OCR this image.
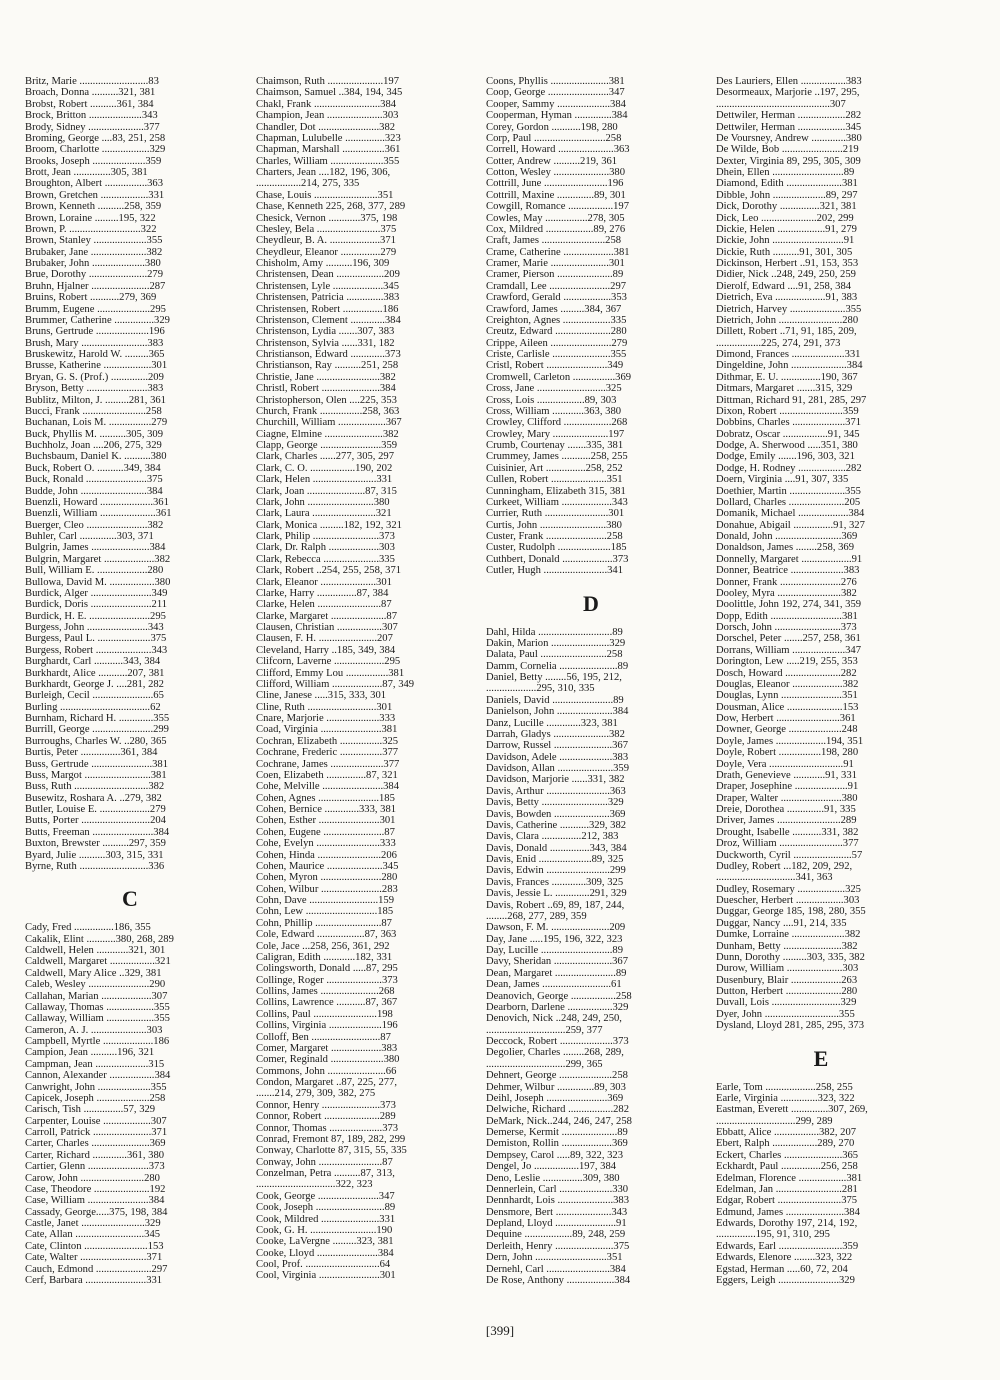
Britz, Marie ..........................83
Broach, Donna ..........321, 381
Brobst, Robert ..........361, 384
Brock, Britton ....................343
Brody, Sidney .....................377
Broming, George ....83, 251, 258
Broom, Charlotte ..................329
Brooks, Joseph ....................359
Brott, Jean ..............305, 381
Broughton, Albert ................363
Brown, Gretchen ..................331
Brown, Kenneth ..........258, 359
Brown, Loraine .........195, 322
Brown, P. ...........................322
Brown, Stanley ....................355
Brubaker, Jane .....................382
Brubaker, John ....................380
Brue, Dorothy ......................279
Bruhn, Hjalner ......................287
Bruins, Robert ...........279, 369
Brumm, Eugene ....................295
Brummer, Catherine ...............329
Bruns, Gertrude ....................196
Brush, Mary .........................383
Bruskewitz, Harold W. .........365
Brusse, Katherine ..................301
Bryan, G. S. (Prof.) ..............209
Bryson, Betty .......................383
Bublitz, Milton, J. .........281, 361
Bucci, Frank ........................258
Buchanan, Lois M. ................279
Buck, Phyllis M. ..........305, 309
Buchholz, Joan ....206, 275, 329
Buchsbaum, Daniel K. ..........380
Buck, Robert O. ..........349, 384
Buck, Ronald .......................375
Budde, John .........................384
Buenzli, Howard ....................361
Buenzli, William .....................361
Buerger, Cleo .......................382
Buhler, Carl ..............303, 371
Bulgrin, James ......................384
Bulgrin, Margaret ...................382
Bull, William E. ...................280
Bullowa, David M. .................380
Burdick, Alger .......................349
Burdick, Doris .......................211
Burdick, H. E. .......................295
Burgess, John .......................343
Burgess, Paul L. ....................375
Burgess, Robert .....................343
Burghardt, Carl ...........343, 384
Burkhardt, Alice ...........207, 381
Burkhardt, George J. ....281, 282
Burleigh, Cecil .......................65
Burling ..................................62
Burnham, Richard H. .............355
Burrill, George .......................299
Burroughs, Charles W. ..280, 365
Burtis, Peter ...............361, 384
Buss, Gertrude .......................381
Buss, Margot .........................381
Buss, Ruth ............................382
Busewitz, Roshara A. ..279, 382
Butler, Louise E. ...................279
Butts, Porter ..........................204
Butts, Freeman .......................384
Buxton, Brewster ..........297, 359
Byard, Julie ..........303, 315, 331
Byrne, Ruth ..........................336
C
Cady, Fred ...............186, 355
Cakalik, Elint ...........380, 268, 289
Caldwell, Helen ............321, 301
Caldwell, Margaret .................321
Caldwell, Mary Alice ..329, 381
Caleb, Wesley .......................290
Callahan, Marian ...................307
Callaway, Thomas ..................355
Callaway, William ..................355
Cameron, A. J. .....................303
Campbell, Myrtle ...................186
Campion, Jean ..........196, 321
Campman, Jean ....................315
Cannon, Alexander .................384
Canwright, John ....................355
Capicek, Joseph ....................258
Carisch, Tish ...............57, 329
Carpenter, Louise ..................307
Carroll, Patrick ......................371
Carter, Charles ......................369
Carter, Richard .............361, 380
Cartier, Glenn .......................373
Carow, John ........................280
Case, Theodore .....................192
Case, William .......................384
Cassady, George.....375, 198, 384
Castle, Janet ........................329
Cate, Allan ..........................345
Cate, Clinton ........................153
Cate, Walter .........................371
Cauch, Edmond .....................297
Cerf, Barbara .......................331
Chaimson, Ruth .....................197
Chaimson, Samuel ..384, 194, 345
Chakl, Frank .........................384
Champion, Jean .....................303
Chandler, Dot .......................382
Chapman, Lulubelle ...............323
Chapman, Marshall ................361
Charles, William ....................355
Charters, Jean ....182, 196, 306,
.................214, 275, 335
Chase, Louis ........................351
Chase, Kenneth 225, 268, 377, 289
Chesick, Vernon ............375, 198
Chesley, Bela ........................375
Cheydleur, B. A. ...................371
Cheydleur, Eleanor ...............279
Chisholm, Amy ..........196, 309
Christensen, Dean ..................209
Christensen, Lyle ...................345
Christensen, Patricia ..............383
Christensen, Robert ...............186
Christenson, Clement .............384
Christenson, Lydia .......307, 383
Christenson, Sylvia ......331, 182
Christianson, Edward .............373
Christianson, Ray ..........251, 258
Christie, Jane ........................382
Christl, Robert ......................384
Christopherson, Olen ....225, 353
Church, Frank ................258, 363
Churchill, William ..................367
Ciagne, Elmine ......................382
Clapp, George .......................359
Clark, Charles ......277, 305, 297
Clark, C. O. .................190, 202
Clark, Helen ........................331
Clark, Joan ......................87, 315
Clark, John .........................380
Clark, Laura ........................321
Clark, Monica .........182, 192, 321
Clark, Philip .........................373
Clark, Dr. Ralph ...................303
Clark, Rebecca .....................335
Clark, Robert ..254, 255, 258, 371
Clark, Eleanor .....................301
Clarke, Harry ...............87, 384
Clarke, Helen ........................87
Clarke, Margaret .....................87
Clausen, Christian .................307
Clausen, F. H. ......................207
Cleveland, Harry ..185, 349, 384
Clifcorn, Laverne ...................295
Clifford, Emmy Lou ................381
Clifford, William ...................87, 349
Cline, Janese .....315, 333, 301
Cline, Ruth ..........................301
Cnare, Marjorie ....................333
Coad, Virginia .......................381
Cochran, Elizabeth ................325
Cochrane, Frederic ................377
Cochrane, James ....................377
Coen, Elizabeth ...............87, 321
Cohe, Melville .......................384
Cohen, Agnes .......................185
Cohen, Bernice .............333, 381
Cohen, Esther .......................301
Cohen, Eugene .......................87
Cohe, Evelyn ........................333
Cohen, Hinda ........................206
Cohen, Maurice .....................345
Cohen, Myron .......................280
Cohen, Wilbur .......................283
Cohn, Dave ..........................159
Cohn, Lew ...........................185
Cohn, Phillip .........................87
Cole, Edward ..................87, 363
Cole, Jace ...258, 256, 361, 292
Caligran, Edith ............182, 331
Colingsworth, Donald .....87, 295
Collinge, Roger .....................373
Collins, James ......................268
Collins, Lawrence ...........87, 367
Collins, Paul ........................198
Collins, Virginia ....................196
Colloff, Ben ..........................87
Comer, Margaret ...................383
Comer, Reginald ....................380
Commons, John ......................66
Condon, Margaret ..87, 225, 277,
.......214, 279, 309, 382, 275
Connor, Henry ......................373
Connor, Robert .....................289
Connor, Thomas ....................373
Conrad, Fremont 87, 189, 282, 299
Conway, Charlotte 87, 315, 55, 335
Conway, John ........................87
Conzelman, Petra ..........87, 313,
..............................322, 323
Cook, George .......................347
Cook, Joseph ..........................89
Cook, Mildred ......................331
Cook, G. H. .........................190
Cooke, LaVergne .........323, 381
Cooke, Lloyd .......................384
Cool, Prof. ............................64
Cool, Virginia .......................301
Coons, Phyllis ......................381
Coop, George .......................347
Cooper, Sammy ....................384
Cooperman, Hyman ..............384
Corey, Gordon ...........198, 280
Corp, Paul ...........................258
Correll, Howard .....................363
Cotter, Andrew ..........219, 361
Cotton, Wesley .....................380
Cottrill, June ........................196
Cottrill, Maxine ..............89, 301
Cowgill, Romance .................197
Cowles, May ................278, 305
Cox, Mildred ..................89, 276
Craft, James ........................258
Crame, Catherine ...................381
Cramer, Marie ......................301
Cramer, Pierson .....................89
Cramdall, Lee .......................297
Crawford, Gerald ..................353
Crawford, James .........384, 367
Creighton, Agnes ..................335
Creutz, Edward .....................280
Crippe, Aileen .......................279
Criste, Carlisle ......................355
Cristl, Robert .......................349
Cromwell, Carleton ................369
Cross, Jane ..........................325
Cross, Lois ..................89, 303
Cross, William ............363, 380
Crowley, Clifford ..................268
Crowley, Mary .....................197
Crumb, Courtenay .......335, 381
Crummey, James ...........258, 255
Cuisinier, Art ...............258, 252
Cullen, Robert .....................351
Cunningham, Elizabeth 315, 381
Curkeet, William ...................343
Currier, Ruth ........................301
Curtis, John .........................380
Custer, Frank .......................258
Custer, Rudolph ....................185
Cuthbert, Donald ...................373
Cutler, Hugh ........................341
D
Dahl, Hilda ............................89
Dakin, Marion ......................329
Dalata, Paul .........................258
Damm, Cornelia ......................89
Daniel, Betty ........56, 195, 212,
...................295, 310, 335
Daniels, David .......................89
Danielson, John .....................384
Danz, Lucille .............323, 381
Darrah, Gladys .....................382
Darrow, Russel ......................367
Davidson, Adele ....................383
Davidson, Allan .....................359
Davidson, Marjorie ......331, 382
Davis, Arthur ........................363
Davis, Betty .........................329
Davis, Bowden .....................369
Davis, Catherine ...........329, 382
Davis, Clara ...............212, 383
Davis, Donald ...............343, 384
Davis, Enid ....................89, 325
Davis, Edwin ........................299
Davis, Frances .............309, 325
Davis, Jessie L. .............291, 329
Davis, Robert ..69, 89, 187, 244,
........268, 277, 289, 359
Dawson, F. M. ......................209
Day, Jane .....195, 196, 322, 323
Day, Lucille ...........................89
Davy, Sheridan ......................367
Dean, Margaret .......................89
Dean, James ..........................61
Deanovich, George .................258
Dearborn, Darlene .................329
Denovich, Nick ..248, 249, 250,
..............................259, 377
Deccock, Robert ....................373
Degolier, Charles ........268, 289,
..............................299, 365
Dehnert, George ....................258
Dehmer, Wilbur ..............89, 303
Deihl, Joseph .......................369
Delwiche, Richard .................282
DeMark, Nick..244, 246, 247, 258
Demerse, Kermit .....................89
Demiston, Rollin ...................369
Dempsey, Carol .....89, 322, 323
Dengel, Jo .................197, 384
Deno, Leslie ...............309, 380
Dennerlein, Carl ....................330
Dennhardt, Lois .....................383
Densmore, Bert .....................343
Depland, Lloyd .......................91
Dequine ..................89, 248, 259
Derleith, Henry ......................375
Dern, John ...........................351
Dernehl, Carl ........................384
De Rose, Anthony ..................384
Des Lauriers, Ellen .................383
Desormeaux, Marjorie ..197, 295,
...........................................307
Dettwiler, Herman ..................282
Dettwiler, Herman ..................345
De Voursney, Andrew .............380
De Wilde, Bob .......................219
Dexter, Virginia 89, 295, 305, 309
Dhein, Ellen ...........................89
Diamond, Edith .....................381
Dibble, John ....................89, 297
Dick, Dorothy ...............321, 381
Dick, Leo .....................202, 299
Dickie, Helen ..................91, 279
Dickie, John ...........................91
Dickie, Ruth ..........91, 301, 305
Dickinson, Herbert ..91, 153, 353
Didier, Nick ..248, 249, 250, 259
Dierolf, Edward ....91, 258, 384
Dietrich, Eva ...................91, 383
Dietrich, Harvey .....................355
Dietrich, John ........................280
Dillett, Robert ..71, 91, 185, 209,
.................225, 274, 291, 373
Dimond, Frances ....................331
Dingeldine, John .....................384
Dithmar, E. U. ...............190, 367
Ditmars, Margaret .......315, 329
Dittman, Richard 91, 281, 285, 297
Dixon, Robert ........................359
Dobbins, Charles ....................371
Dobratz, Oscar .................91, 345
Dodge, A. Sherwood .....351, 380
Dodge, Emily .......196, 303, 321
Dodge, H. Rodney ..................282
Doern, Virginia ....91, 307, 335
Doethier, Martin .....................355
Dollard, Charles .....................205
Domanik, Michael ...................384
Donahue, Abigail ...............91, 327
Donald, John .........................369
Donaldson, James ........258, 369
Donnelly, Margaret ...................91
Donner, Beatrice ....................383
Donner, Frank .......................276
Dooley, Myra ........................382
Doolittle, John 192, 274, 341, 359
Dopp, Edith ...........................381
Dorsch, John .........................373
Dorschel, Peter .......257, 258, 361
Dorrans, William ....................347
Dorington, Lew .....219, 255, 353
Dosch, Howard .....................282
Douglas, Eleanor ...................382
Douglas, Lynn .......................351
Dousman, Alice .....................153
Dow, Herbert ........................361
Downer, George ....................248
Doyle, James ...................194, 351
Doyle, Robert ................198, 280
Doyle, Vera ............................91
Drath, Genevieve ............91, 331
Draper, Josephine ....................91
Draper, Walter .......................380
Dreie, Dorothea ..............91, 335
Driver, James ........................289
Drought, Isabelle ...........331, 382
Droz, William ........................377
Duckworth, Cyril ......................57
Dudley, Robert ...182, 209, 292,
..............................341, 363
Dudley, Rosemary ..................325
Duescher, Herbert ..................303
Duggar, George 185, 198, 280, 355
Duggar, Nancy ....91, 214, 335
Dumke, Lorraine ....................382
Dunham, Betty ......................382
Dunn, Dorothy .........303, 335, 382
Durow, William .....................303
Dusenbury, Blair ...................263
Dutton, Herbert .....................280
Duvall, Lois ..........................329
Dyer, John ............................355
Dysland, Lloyd 281, 285, 295, 373
E
Earle, Tom ...................258, 255
Earle, Virginia ..............323, 322
Eastman, Everett ..............307, 269,
..............................299, 289
Ebbatt, Alice .................382, 207
Ebert, Ralph .................289, 270
Eckert, Charles ......................365
Eckhardt, Paul ...............256, 258
Edelman, Florence ..................381
Edelman, Jan .........................281
Edgar, Robert ........................375
Edmund, James ......................384
Edwards, Dorothy 197, 214, 192,
...............195, 91, 310, 295
Edwards, Earl ........................359
Edwards, Elenore ........323, 322
Egstad, Herman .....60, 72, 204
Eggers, Leigh .......................329
[399]
